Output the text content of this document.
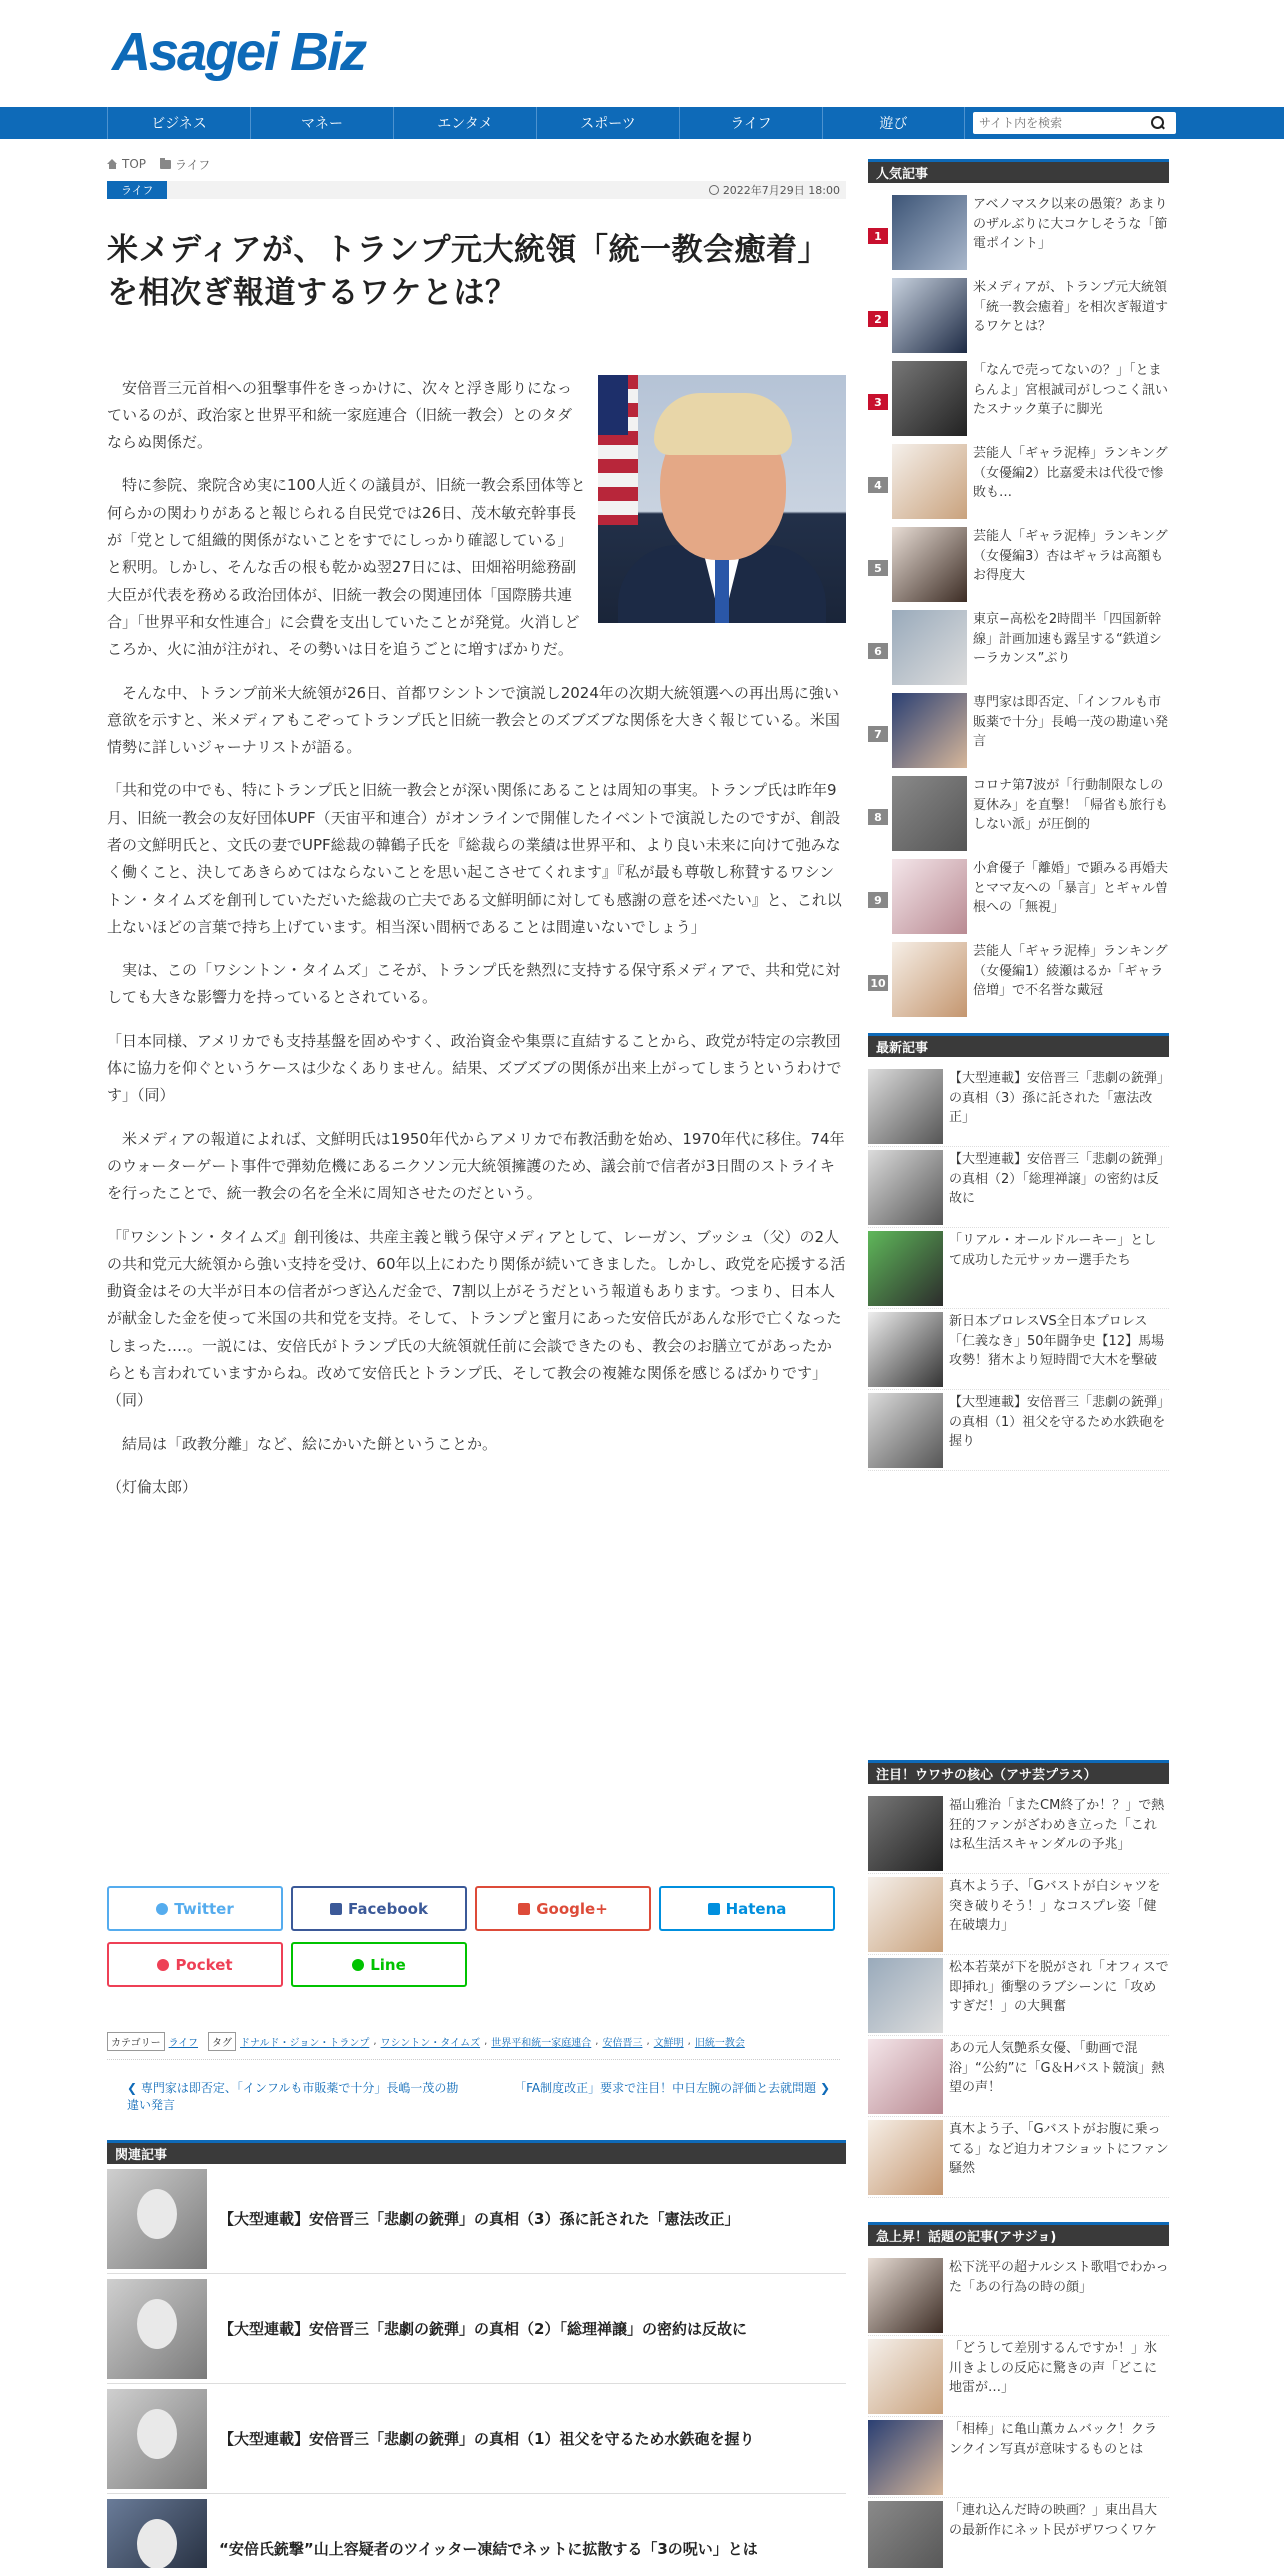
Asagei Biz
ビジネス	マネー	エンタメ	スポーツ	ライフ	遊び
サイト内を検索
TOP ライフ
ライフ	2022年7月29日 18:00
米メディアが、トランプ元大統領「統一教会癒着」を相次ぎ報道するワケとは？

安倍晋三元首相への狙撃事件をきっかけに、次々と浮き彫りになっているのが、政治家と世界平和統一家庭連合（旧統一教会）とのタダならぬ関係だ。

特に参院、衆院含め実に100人近くの議員が、旧統一教会系団体等と何らかの関わりがあると報じられる自民党では26日、茂木敏充幹事長が「党として組織的関係がないことをすでにしっかり確認している」と釈明。しかし、そんな舌の根も乾かぬ翌27日には、田畑裕明総務副大臣が代表を務める政治団体が、旧統一教会の関連団体「国際勝共連合」「世界平和女性連合」に会費を支出していたことが発覚。火消しどころか、火に油が注がれ、その勢いは日を追うごとに増すばかりだ。

そんな中、トランプ前米大統領が26日、首都ワシントンで演説し2024年の次期大統領選への再出馬に強い意欲を示すと、米メディアもこぞってトランプ氏と旧統一教会とのズブズブな関係を大きく報じている。米国情勢に詳しいジャーナリストが語る。

「共和党の中でも、特にトランプ氏と旧統一教会とが深い関係にあることは周知の事実。トランプ氏は昨年9月、旧統一教会の友好団体UPF（天宙平和連合）がオンラインで開催したイベントで演説したのですが、創設者の文鮮明氏と、文氏の妻でUPF総裁の韓鶴子氏を『総裁らの業績は世界平和、より良い未来に向けて弛みなく働くこと、決してあきらめてはならないことを思い起こさせてくれます』『私が最も尊敬し称賛するワシントン・タイムズを創刊していただいた総裁の亡夫である文鮮明師に対しても感謝の意を述べたい』と、これ以上ないほどの言葉で持ち上げています。相当深い間柄であることは間違いないでしょう」

実は、この「ワシントン・タイムズ」こそが、トランプ氏を熱烈に支持する保守系メディアで、共和党に対しても大きな影響力を持っているとされている。

「日本同様、アメリカでも支持基盤を固めやすく、政治資金や集票に直結することから、政党が特定の宗教団体に協力を仰ぐというケースは少なくありません。結果、ズブズブの関係が出来上がってしまうというわけです」（同）

米メディアの報道によれば、文鮮明氏は1950年代からアメリカで布教活動を始め、1970年代に移住。74年のウォーターゲート事件で弾劾危機にあるニクソン元大統領擁護のため、議会前で信者が3日間のストライキを行ったことで、統一教会の名を全米に周知させたのだという。

「『ワシントン・タイムズ』創刊後は、共産主義と戦う保守メディアとして、レーガン、ブッシュ（父）の2人の共和党元大統領から強い支持を受け、60年以上にわたり関係が続いてきました。しかし、政党を応援する活動資金はその大半が日本の信者がつぎ込んだ金で、7割以上がそうだという報道もあります。つまり、日本人が献金した金を使って米国の共和党を支持。そして、トランプと蜜月にあった安倍氏があんな形で亡くなったしまった‥‥。一説には、安倍氏がトランプ氏の大統領就任前に会談できたのも、教会のお膳立てがあったからとも言われていますからね。改めて安倍氏とトランプ氏、そして教会の複雑な関係を感じるばかりです」（同）

結局は「政教分離」など、絵にかいた餅ということか。

（灯倫太郎）

Twitter	Facebook	Google+	Hatena
Pocket	Line
カテゴリー ライフ	タグ ドナルド・ジョン・トランプ , ワシントン・タイムズ , 世界平和統一家庭連合 , 安倍晋三 , 文鮮明 , 旧統一教会
❮ 専門家は即否定、「インフルも市販薬で十分」長嶋一茂の勘違い発言
「FA制度改正」要求で注目！中日左腕の評価と去就問題 ❯
関連記事
【大型連載】安倍晋三「悲劇の銃弾」の真相（3）孫に託された「憲法改正」
【大型連載】安倍晋三「悲劇の銃弾」の真相（2）「総理禅譲」の密約は反故に
【大型連載】安倍晋三「悲劇の銃弾」の真相（1）祖父を守るため水鉄砲を握り
“安倍氏銃撃”山上容疑者のツイッター凍結でネットに拡散する「3の呪い」とは
人気記事
1
アベノマスク以来の愚策？あまりのザルぶりに大コケしそうな「節電ポイント」
2
米メディアが、トランプ元大統領「統一教会癒着」を相次ぎ報道するワケとは？
3
「なんで売ってないの？」「とまらんよ」宮根誠司がしつこく訊いたスナック菓子に脚光
4
芸能人「ギャラ泥棒」ランキング（女優編2）比嘉愛未は代役で惨敗も…
5
芸能人「ギャラ泥棒」ランキング（女優編3）杏はギャラは高額もお得度大
6
東京−高松を2時間半「四国新幹線」計画加速も露呈する“鉄道シーラカンス”ぶり
7
専門家は即否定、「インフルも市販薬で十分」長嶋一茂の勘違い発言
8
コロナ第7波が「行動制限なしの夏休み」を直撃！「帰省も旅行もしない派」が圧倒的
9
小倉優子「離婚」で顕みる再婚夫とママ友への「暴言」とギャル曽根への「無視」
10
芸能人「ギャラ泥棒」ランキング（女優編1）綾瀬はるか「ギャラ倍増」で不名誉な戴冠
最新記事
【大型連載】安倍晋三「悲劇の銃弾」の真相（3）孫に託された「憲法改正」
【大型連載】安倍晋三「悲劇の銃弾」の真相（2）「総理禅譲」の密約は反故に
「リアル・オールドルーキー」として成功した元サッカー選手たち
新日本プロレスVS全日本プロレス「仁義なき」50年闘争史【12】馬場攻勢！猪木より短時間で大木を撃破
【大型連載】安倍晋三「悲劇の銃弾」の真相（1）祖父を守るため水鉄砲を握り
注目！ウワサの核心（アサ芸プラス）
福山雅治「またCM終了か！？」で熱狂的ファンがざわめき立った「これは私生活スキャンダルの予兆」
真木よう子、「Gバストが白シャツを突き破りそう！」なコスプレ姿「健在破壊力」
松本若菜が下を脱がされ「オフィスで即挿れ」衝撃のラブシーンに「攻めすぎだ！」の大興奮
あの元人気艶系女優、「動画で混浴」“公約”に「G＆Hバスト競演」熱望の声！
真木よう子、「Gバストがお腹に乗ってる」など迫力オフショットにファン騒然
急上昇！話題の記事(アサジョ)
松下洸平の超ナルシスト歌唱でわかった「あの行為の時の顔」
「どうして差別するんですか！」氷川きよしの反応に驚きの声「どこに地雷が…」
「相棒」に亀山薫カムバック！クランクイン写真が意味するものとは
「連れ込んだ時の映画？」東出昌大の最新作にネット民がザワつくワケ
